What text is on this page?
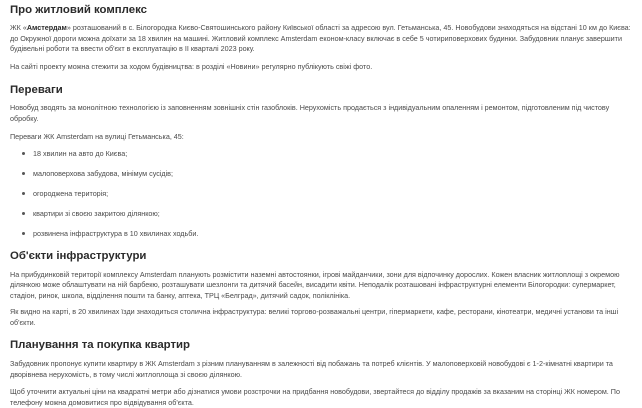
Про житловий комплекс

ЖК «Амстердам» розташований в с. Білогородка Києво-Святошинського району Київської області за адресою вул. Гетьманська, 45. Новобудови знаходяться на відстані 10 км до Києва: до Окружної дороги можна доїхати за 18 хвилин на машині. Житловий комплекс Amsterdam економ-класу включає в себе 5 чотириповерхових будинки. Забудовник планує завершити будівельні роботи та ввести об'єкт в експлуатацію в ІІ кварталі 2023 року.

На сайті проекту можна стежити за ходом будівництва: в розділі «Новини» регулярно публікують свіжі фото.

Переваги

Новобуд зводять за монолітною технологією із заповненням зовнішніх стін газоблоків. Нерухомість продається з індивідуальним опаленням і ремонтом, підготовленим під чистову обробку.

Переваги ЖК Amsterdam на вулиці Гетьманська, 45:

18 хвилин на авто до Києва;
малоповерхова забудова, мінімум сусідів;
огороджена територія;
квартири зі своєю закритою ділянкою;
розвинена інфраструктура в 10 хвилинах ходьби.
Об'єкти інфраструктури

На прибудинковій території комплексу Amsterdam планують розмістити наземні автостоянки, ігрові майданчики, зони для відпочинку дорослих. Кожен власник житлоплощі з окремою ділянкою може облаштувати на ній барбекю, розташувати шезлонги та дитячий басейн, висадити квіти. Неподалік розташовані інфраструктурні елементи Білогородки: супермаркет, стадіон, ринок, школа, відділення пошти та банку, аптека, ТРЦ «Белград», дитячий садок, поліклініка.

Як видно на карті, в 20 хвилинах їзди знаходиться столична інфраструктура: великі торгово-розважальні центри, гіпермаркети, кафе, ресторани, кінотеатри, медичні установи та інші об'єкти.

Планування та покупка квартир

Забудовник пропонує купити квартиру в ЖК Amsterdam з різним плануванням в залежності від побажань та потреб клієнтів. У малоповерховій новобудові є 1-2-кімнатні квартири та дворівнева нерухомість, в тому числі житлоплоща зі своєю ділянкою.

Щоб уточнити актуальні ціни на квадратні метри або дізнатися умови розстрочки на придбання новобудови, звертайтеся до відділу продажів за вказаним на сторінці ЖК номером. По телефону можна домовитися про відвідування об'єкта.
